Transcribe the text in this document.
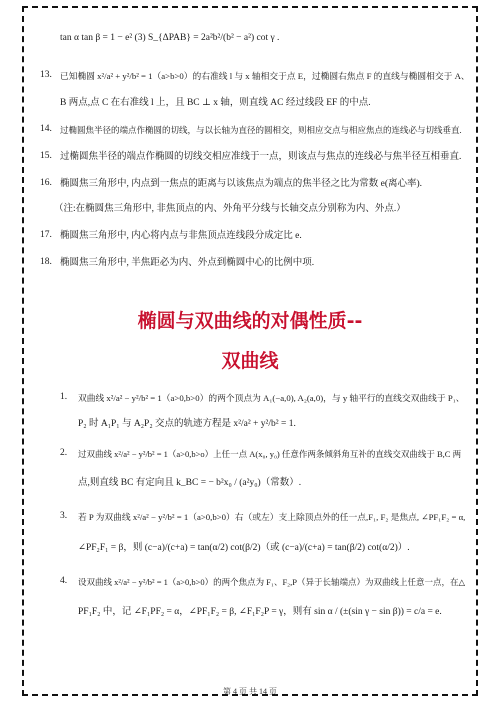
tan α tan β = 1 − e² (3) S_{ΔPAB} = 2a²b²/(b² − a²) cot γ .
13. 已知椭圆 x²/a² + y²/b² = 1（a>b>0）的右准线 l 与 x 轴相交于点 E，过椭圆右焦点 F 的直线与椭圆相交于 A、
B 两点,点 C 在右准线 l 上，且 BC ⊥ x 轴，则直线 AC 经过线段 EF 的中点.
14. 过椭圆焦半径的端点作椭圆的切线，与以长轴为直径的圆相交，则相应交点与相应焦点的连线必与切线垂直.
15. 过椭圆焦半径的端点作椭圆的切线交相应准线于一点，则该点与焦点的连线必与焦半径互相垂直.
16. 椭圆焦三角形中, 内点到一焦点的距离与以该焦点为端点的焦半径之比为常数 e(离心率).
（注:在椭圆焦三角形中, 非焦顶点的内、外角平分线与长轴交点分别称为内、外点.）
17. 椭圆焦三角形中, 内心将内点与非焦顶点连线段分成定比 e.
18. 椭圆焦三角形中, 半焦距必为内、外点到椭圆中心的比例中项.
椭圆与双曲线的对偶性质--
双曲线
1. 双曲线 x²/a² − y²/b² = 1（a>0,b>0）的两个顶点为 A₁(−a,0), A₂(a,0)，与 y 轴平行的直线交双曲线于 P₁、
P₂ 时 A₁P₁ 与 A₂P₂ 交点的轨迹方程是 x²/a² + y²/b² = 1.
2. 过双曲线 x²/a² − y²/b² = 1（a>0,b>o）上任一点 A(x₀, y₀) 任意作两条倾斜角互补的直线交双曲线于 B,C 两
点,则直线 BC 有定向且 k_BC = − b²x₀ / (a²y₀)（常数）.
3. 若 P 为双曲线 x²/a² − y²/b² = 1（a>0,b>0）右（或左）支上除顶点外的任一点,F₁, F₂ 是焦点, ∠PF₁F₂ = α,
∠PF₂F₁ = β，则 (c−a)/(c+a) = tan(α/2) cot(β/2)（或 (c−a)/(c+a) = tan(β/2) cot(α/2)）.
4. 设双曲线 x²/a² − y²/b² = 1（a>0,b>0）的两个焦点为 F₁、F₂,P（异于长轴端点）为双曲线上任意一点，在△
PF₁F₂ 中，记 ∠F₁PF₂ = α，∠PF₁F₂ = β, ∠F₁F₂P = γ，则有 sin α / (±(sin γ − sin β)) = c/a = e.
第 4 页 共 14 页
